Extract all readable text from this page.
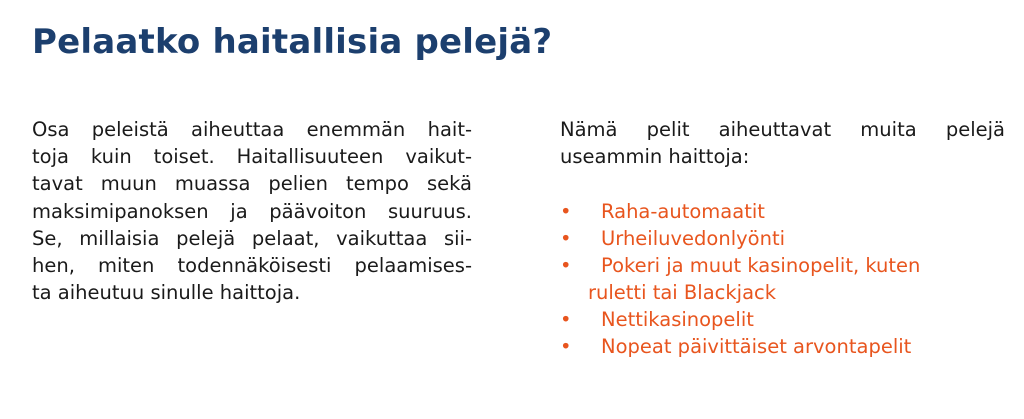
Pelaatko haitallisia pelejä?
Osa peleistä aiheuttaa enemmän hait-
toja kuin toiset. Haitallisuuteen vaikut-
tavat muun muassa pelien tempo sekä
maksimipanoksen ja päävoiton suuruus.
Se, millaisia pelejä pelaat, vaikuttaa sii-
hen, miten todennäköisesti pelaamises-
ta aiheutuu sinulle haittoja.
Nämä pelit aiheuttavat muita pelejä
useammin haittoja:
• Raha-automaatit
• Urheiluvedonlyönti
• Pokeri ja muut kasinopelit, kuten
ruletti tai Blackjack
• Nettikasinopelit
• Nopeat päivittäiset arvontapelit
